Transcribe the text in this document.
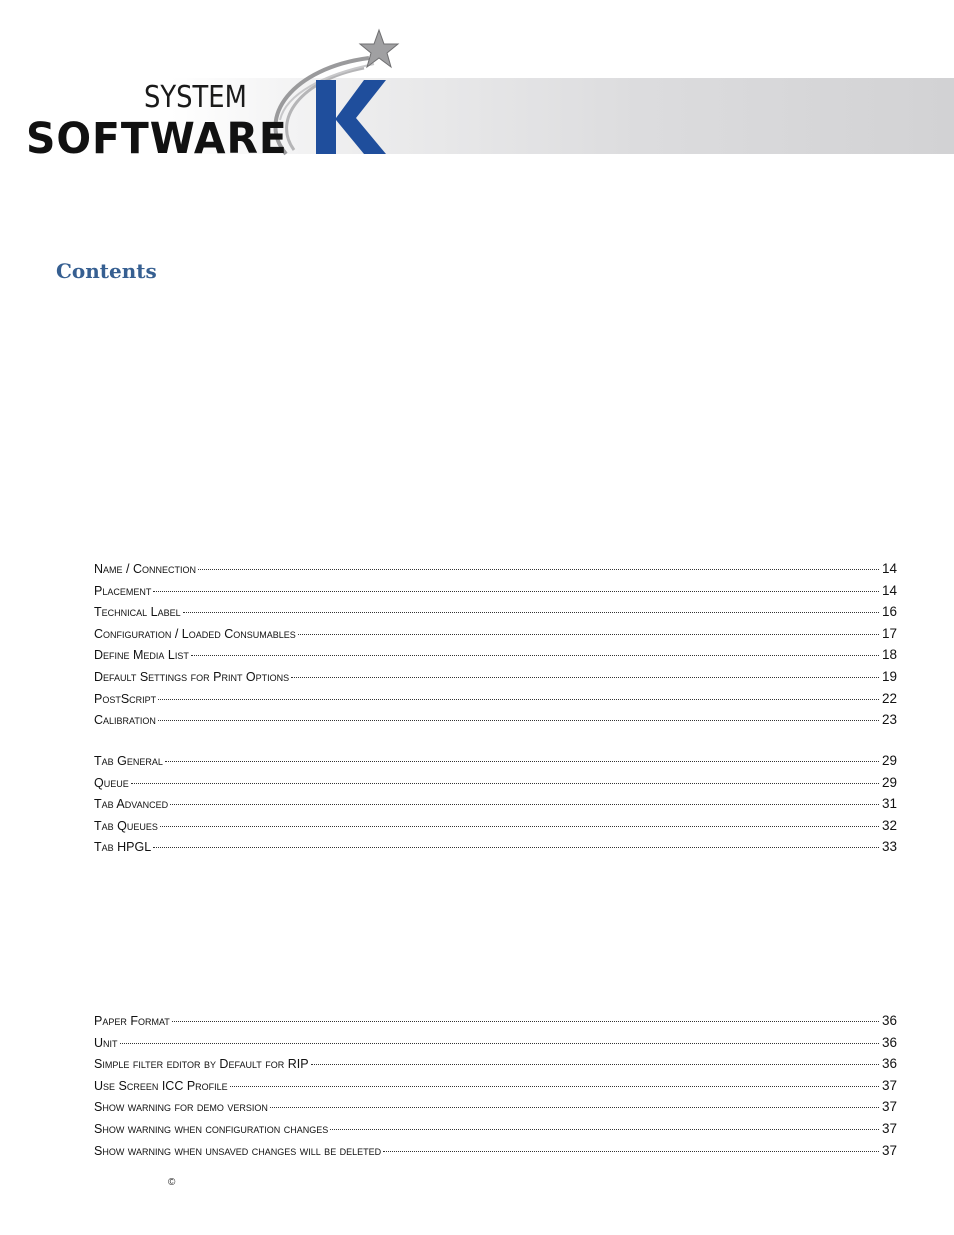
SYSTEM
SOFTWARE
Contents
Name / Connection	14
Placement	14
Technical Label	16
Configuration / Loaded Consumables	17
Define Media List	18
Default Settings for Print Options	19
PostScript	22
Calibration	23
Tab General	29
Queue	29
Tab Advanced	31
Tab Queues	32
Tab HPGL	33
Paper Format	36
Unit	36
Simple filter editor by Default for RIP	36
Use Screen ICC Profile	37
Show warning for demo version	37
Show warning when configuration changes	37
Show warning when unsaved changes will be deleted	37
©
